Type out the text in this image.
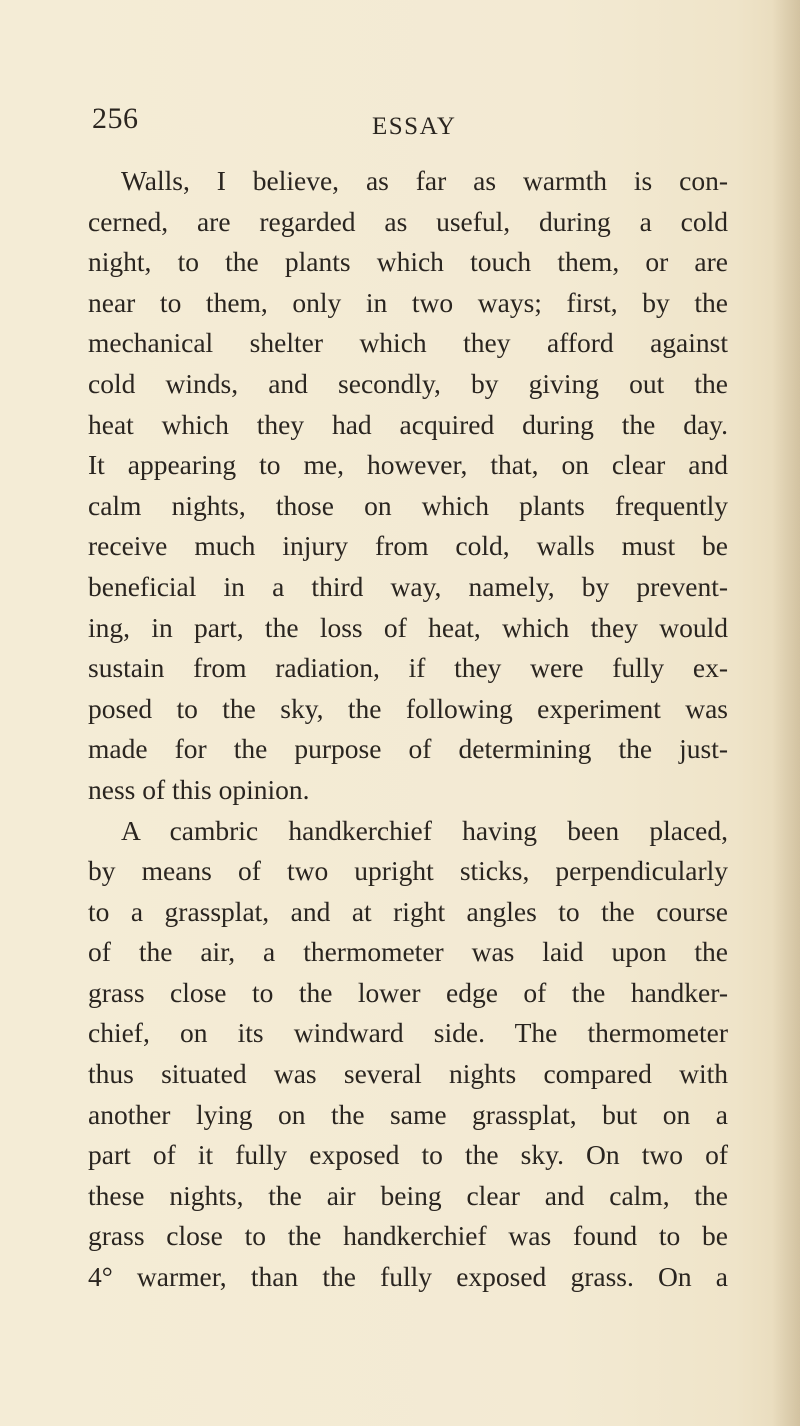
256	ESSAY
Walls, I believe, as far as warmth is con-
cerned, are regarded as useful, during a cold
night, to the plants which touch them, or are
near to them, only in two ways; first, by the
mechanical shelter which they afford against
cold winds, and secondly, by giving out the
heat which they had acquired during the day.
It appearing to me, however, that, on clear and
calm nights, those on which plants frequently
receive much injury from cold, walls must be
beneficial in a third way, namely, by prevent-
ing, in part, the loss of heat, which they would
sustain from radiation, if they were fully ex-
posed to the sky, the following experiment was
made for the purpose of determining the just-
ness of this opinion.
A cambric handkerchief having been placed,
by means of two upright sticks, perpendicularly
to a grassplat, and at right angles to the course
of the air, a thermometer was laid upon the
grass close to the lower edge of the handker-
chief, on its windward side. The thermometer
thus situated was several nights compared with
another lying on the same grassplat, but on a
part of it fully exposed to the sky. On two of
these nights, the air being clear and calm, the
grass close to the handkerchief was found to be
4° warmer, than the fully exposed grass. On a
